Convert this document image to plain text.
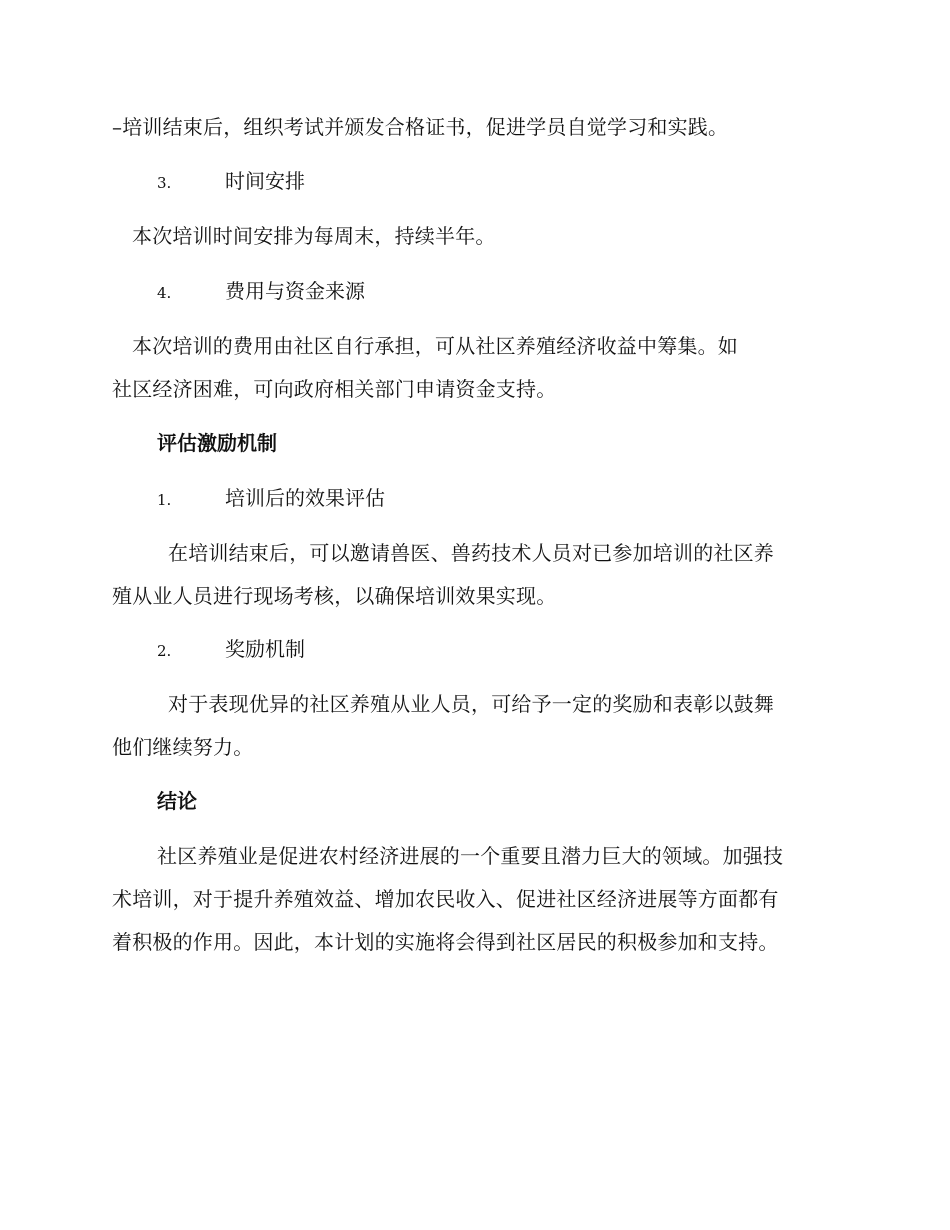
–培训结束后，组织考试并颁发合格证书，促进学员自觉学习和实践。
3.	时间安排
本次培训时间安排为每周末，持续半年。
4.	费用与资金来源
本次培训的费用由社区自行承担，可从社区养殖经济收益中筹集。如
社区经济困难，可向政府相关部门申请资金支持。
评估激励机制
1.	培训后的效果评估
在培训结束后，可以邀请兽医、兽药技术人员对已参加培训的社区养
殖从业人员进行现场考核，以确保培训效果实现。
2.	奖励机制
对于表现优异的社区养殖从业人员，可给予一定的奖励和表彰以鼓舞
他们继续努力。
结论
社区养殖业是促进农村经济进展的一个重要且潜力巨大的领域。加强技
术培训，对于提升养殖效益、增加农民收入、促进社区经济进展等方面都有
着积极的作用。因此，本计划的实施将会得到社区居民的积极参加和支持。
